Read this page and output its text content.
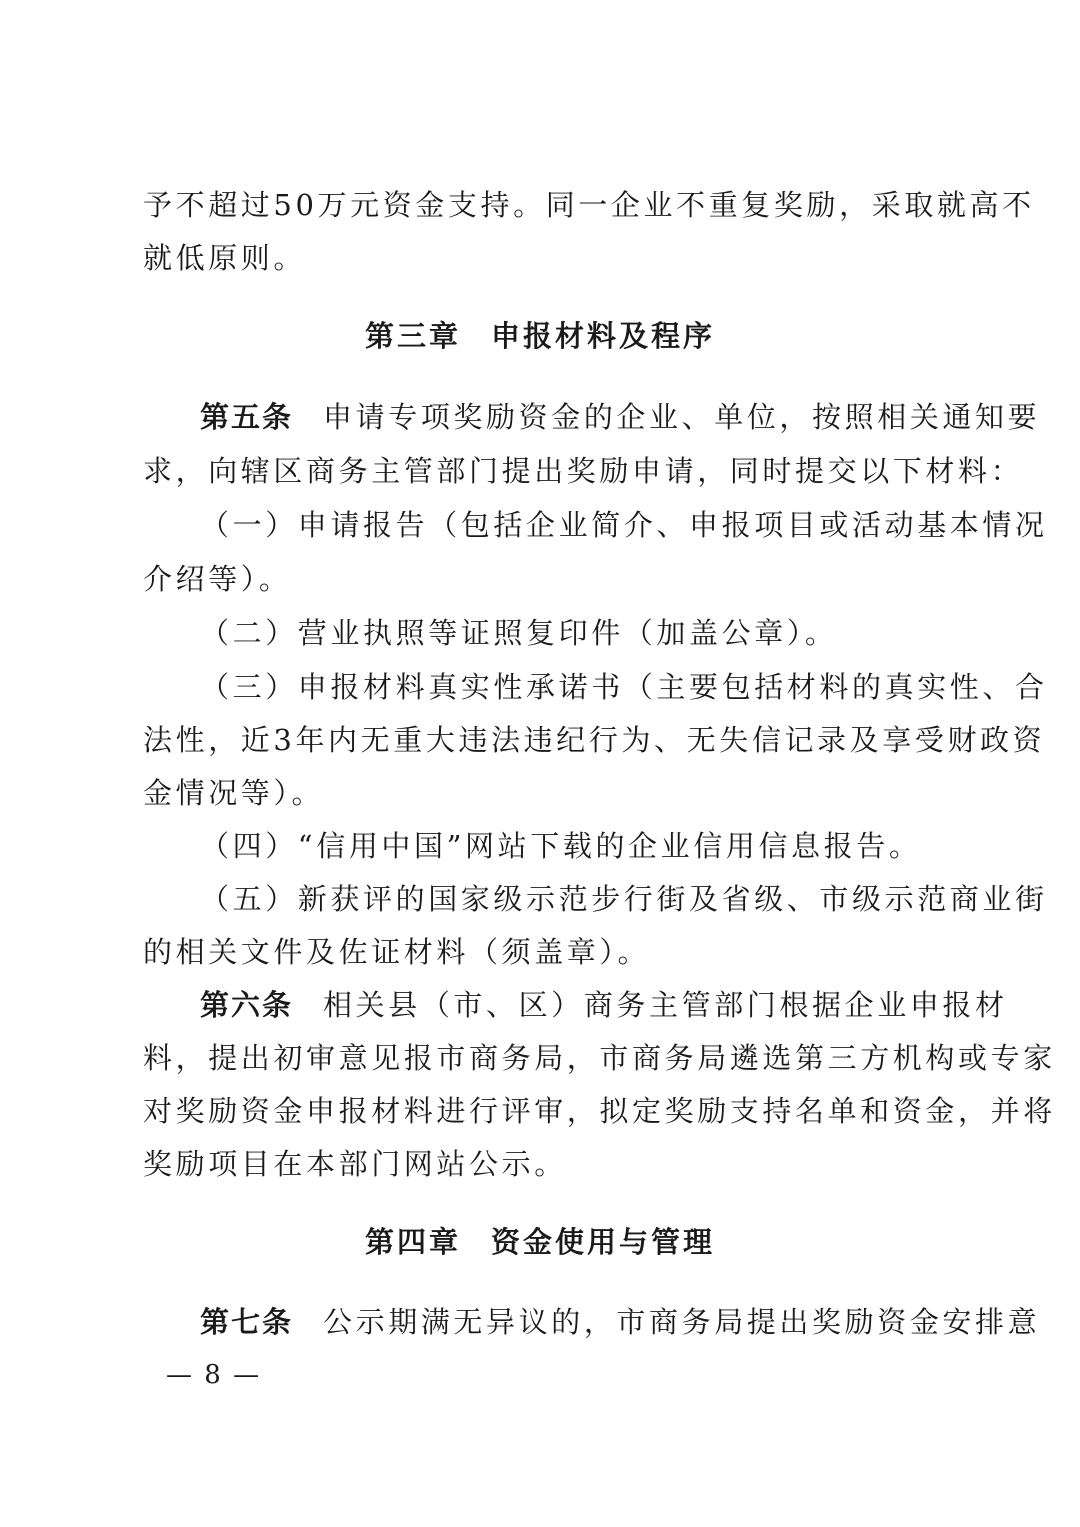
予不超过50万元资金支持。同一企业不重复奖励，采取就高不
就低原则。
第三章 申报材料及程序
第五条 申请专项奖励资金的企业、单位，按照相关通知要
求，向辖区商务主管部门提出奖励申请，同时提交以下材料：
（一）申请报告（包括企业简介、申报项目或活动基本情况
介绍等）。
（二）营业执照等证照复印件（加盖公章）。
（三）申报材料真实性承诺书（主要包括材料的真实性、合
法性，近3年内无重大违法违纪行为、无失信记录及享受财政资
金情况等）。
（四）“信用中国”网站下载的企业信用信息报告。
（五）新获评的国家级示范步行街及省级、市级示范商业街
的相关文件及佐证材料（须盖章）。
第六条 相关县（市、区）商务主管部门根据企业申报材
料，提出初审意见报市商务局，市商务局遴选第三方机构或专家
对奖励资金申报材料进行评审，拟定奖励支持名单和资金，并将
奖励项目在本部门网站公示。
第四章 资金使用与管理
第七条 公示期满无异议的，市商务局提出奖励资金安排意
— 8 —
